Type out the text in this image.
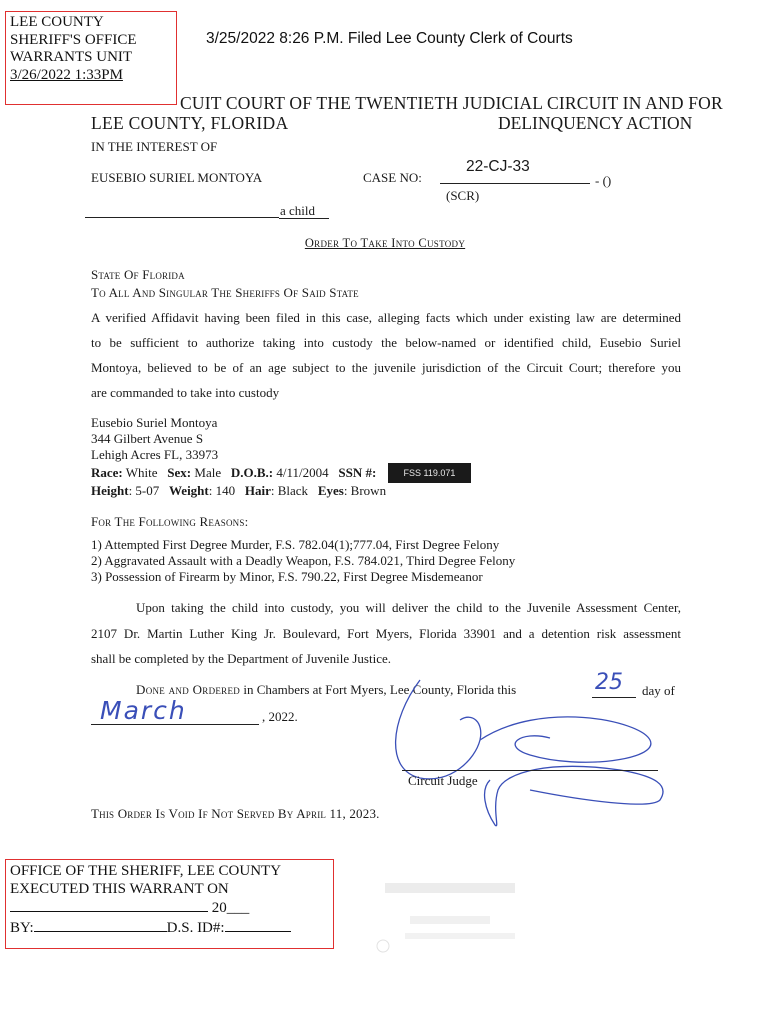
LEE COUNTY
SHERIFF'S OFFICE
WARRANTS UNIT
3/26/2022 1:33PM
3/25/2022 8:26 P.M. Filed Lee County Clerk of Courts
CUIT COURT OF THE TWENTIETH JUDICIAL CIRCUIT IN AND FOR
LEE COUNTY, FLORIDA	DELINQUENCY ACTION
IN THE INTEREST OF
EUSEBIO SURIEL MONTOYA	CASE NO:
22-CJ-33
- ()
(SCR)
a child
Order To Take Into Custody
State Of Florida
To All And Singular The Sheriffs Of Said State
A verified Affidavit having been filed in this case, alleging facts which under existing law are determined
to be sufficient to authorize taking into custody the below-named or identified child, Eusebio Suriel
Montoya, believed to be of an age subject to the juvenile jurisdiction of the Circuit Court; therefore you
are commanded to take into custody
Eusebio Suriel Montoya
344 Gilbert Avenue S
Lehigh Acres FL, 33973
Race: White Sex: Male D.O.B.: 4/11/2004 SSN #:	FSS 119.071
Height: 5-07 Weight: 140 Hair: Black Eyes: Brown
For The Following Reasons:
1) Attempted First Degree Murder, F.S. 782.04(1);777.04, First Degree Felony
2) Aggravated Assault with a Deadly Weapon, F.S. 784.021, Third Degree Felony
3) Possession of Firearm by Minor, F.S. 790.22, First Degree Misdemeanor
Upon taking the child into custody, you will deliver the child to the Juvenile Assessment Center,
2107 Dr. Martin Luther King Jr. Boulevard, Fort Myers, Florida 33901 and a detention risk assessment
shall be completed by the Department of Juvenile Justice.
Done and Ordered in Chambers at Fort Myers, Lee County, Florida this	25 day of
March	, 2022.
Circuit Judge
This Order Is Void If Not Served By April 11, 2023.
OFFICE OF THE SHERIFF, LEE COUNTY
EXECUTED THIS WARRANT ON
20___
BY:	D.S. ID#:
